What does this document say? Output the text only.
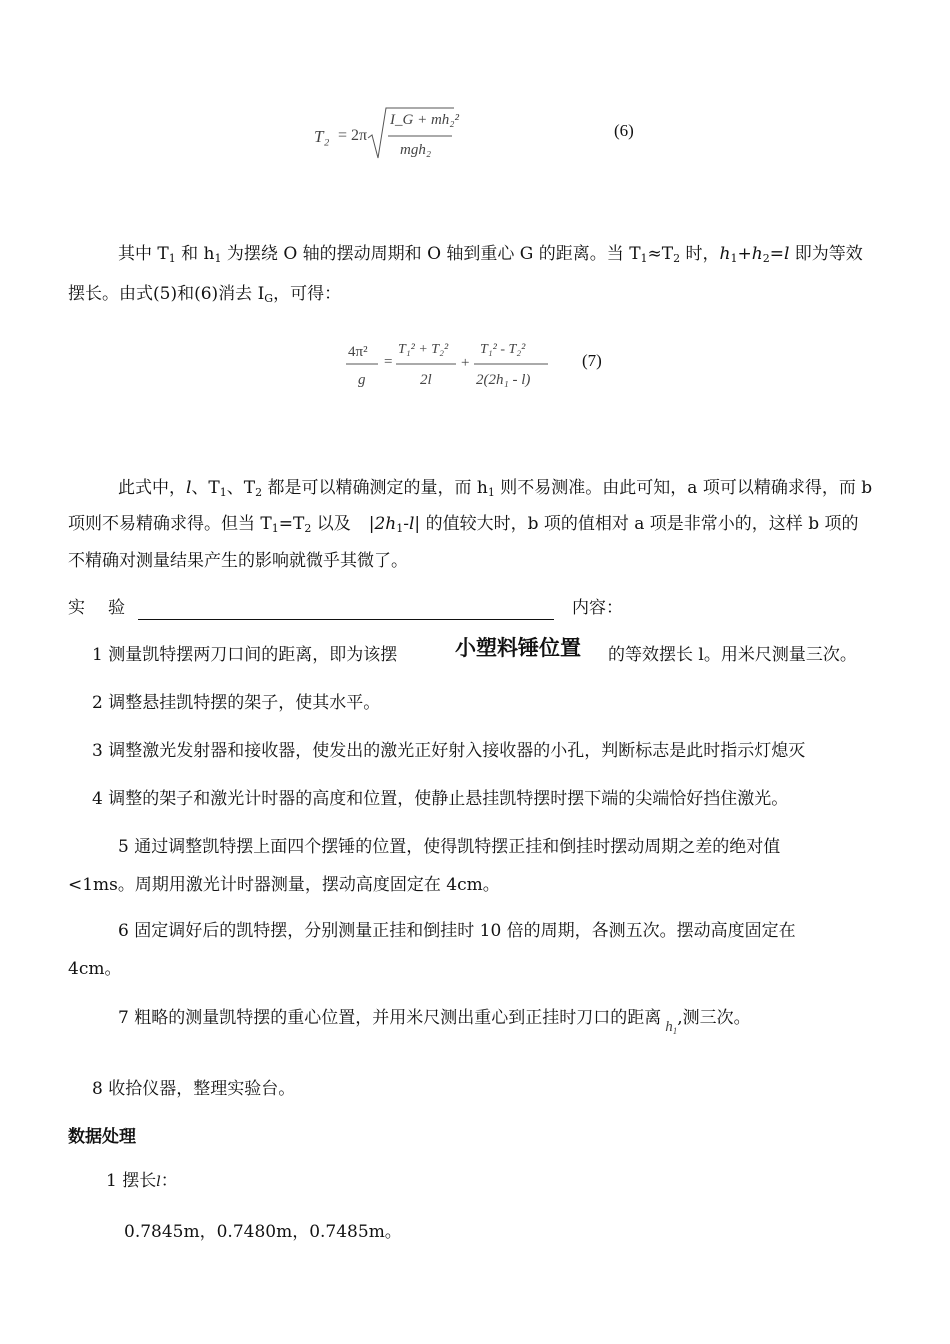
T₂ = 2π
I_G + mh₂²
mgh₂
(6)
其中 $T_1$ 和 $h_1$ 为摆绕 O 轴的摆动周期和 O 轴到重心 G 的距离。当 $T_1\approx T_2$ 时，$h_1+h_2=l$ 即为等效
摆长。由式(5)和(6)消去 $I_G$，可得：
4π²
g
=
T₁² + T₂²
2l
+
T₁² - T₂²
2(2h₁ - l)
(7)
此式中，l、$T_1$、$T_2$ 都是可以精确测定的量，而 $h_1$ 则不易测准。由此可知，a 项可以精确求得，而 b
项则不易精确求得。但当 $T_1=T_2$ 以及 $|2h_1-l|$ 的值较大时，b 项的值相对 a 项是非常小的，这样 b 项的
不精确对测量结果产生的影响就微乎其微了。
实 验	内容：
1 测量凯特摆两刀口间的距离，即为该摆	小塑料锤位置 的等效摆长 l。用米尺测量三次。
2 调整悬挂凯特摆的架子，使其水平。
3 调整激光发射器和接收器，使发出的激光正好射入接收器的小孔，判断标志是此时指示灯熄灭
4 调整的架子和激光计时器的高度和位置，使静止悬挂凯特摆时摆下端的尖端恰好挡住激光。
5 通过调整凯特摆上面四个摆锤的位置，使得凯特摆正挂和倒挂时摆动周期之差的绝对值
<1ms。周期用激光计时器测量，摆动高度固定在 4cm。
6 固定调好后的凯特摆，分别测量正挂和倒挂时 10 倍的周期，各测五次。摆动高度固定在
4cm。
7 粗略的测量凯特摆的重心位置，并用米尺测出重心到正挂时刀口的距离 $h_1$,测三次。
8 收拾仪器，整理实验台。
数据处理
1 摆长l：
0.7845m，0.7480m，0.7485m。
